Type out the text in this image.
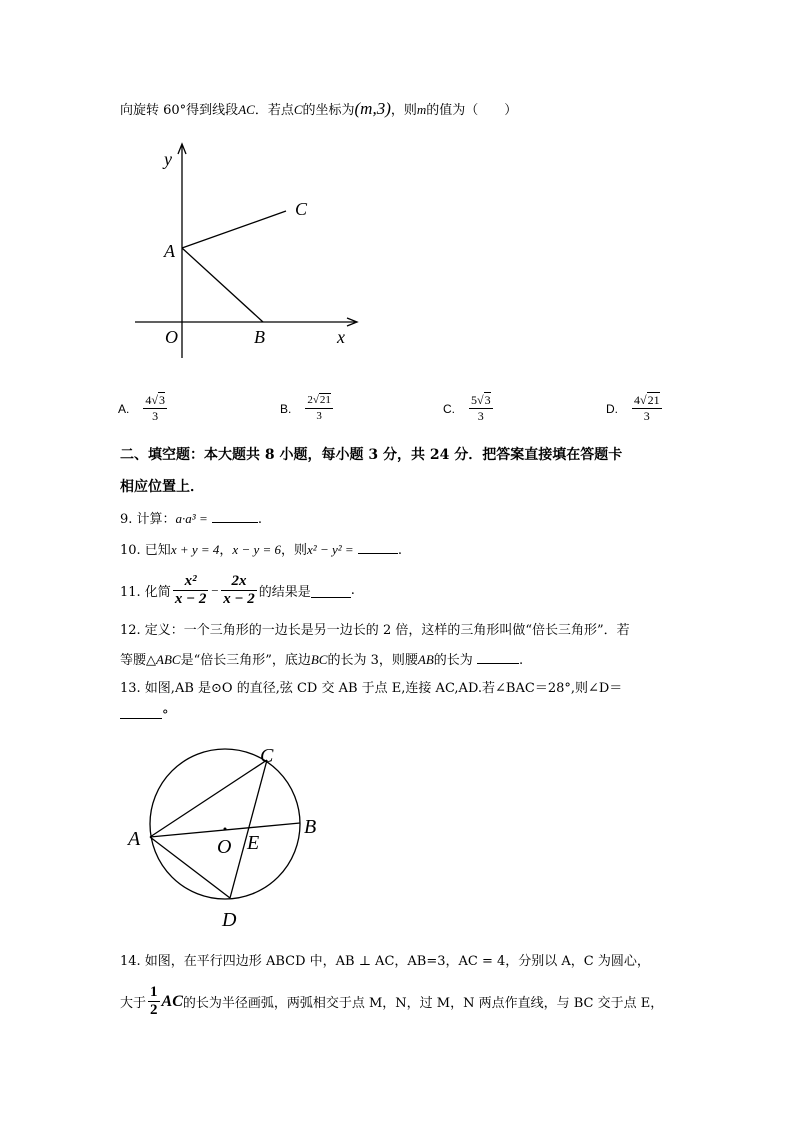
向旋转 60°得到线段AC．若点C的坐标为(m,3)，则m的值为（　　）
y
C
A
O	B	x
A. $\frac{4√3}{3}$	B. $\frac{2√21}{3}$	C. $\frac{5√3}{3}$	D. $\frac{4√21}{3}$
二、填空题：本大题共 8 小题，每小题 3 分，共 24 分．把答案直接填在答题卡
相应位置上．
9. 计算：a·a³ =	.
10. 已知x + y = 4，x − y = 6，则x² − y² =	.
11. 化简 $\frac{\text{x²}}{x - 2} - \frac{2x}{x - 2}$ 的结果是	.
12. 定义：一个三角形的一边长是另一边长的 2 倍，这样的三角形叫做“倍长三角形”．若
等腰△ABC是“倍长三角形”，底边BC的长为 3，则腰AB的长为	.
13. 如图,AB 是⊙O 的直径,弦 CD 交 AB 于点 E,连接 AC,AD.若∠BAC＝28°,则∠D＝
°
C
B
A	O E
D
14. 如图，在平行四边形 ABCD 中，AB ⊥ AC，AB=3，AC = 4，分别以 A，C 为圆心，
大于 $\frac{1}{2}$ AC 的长为半径画弧，两弧相交于点 M，N，过 M，N 两点作直线，与 BC 交于点 E，
